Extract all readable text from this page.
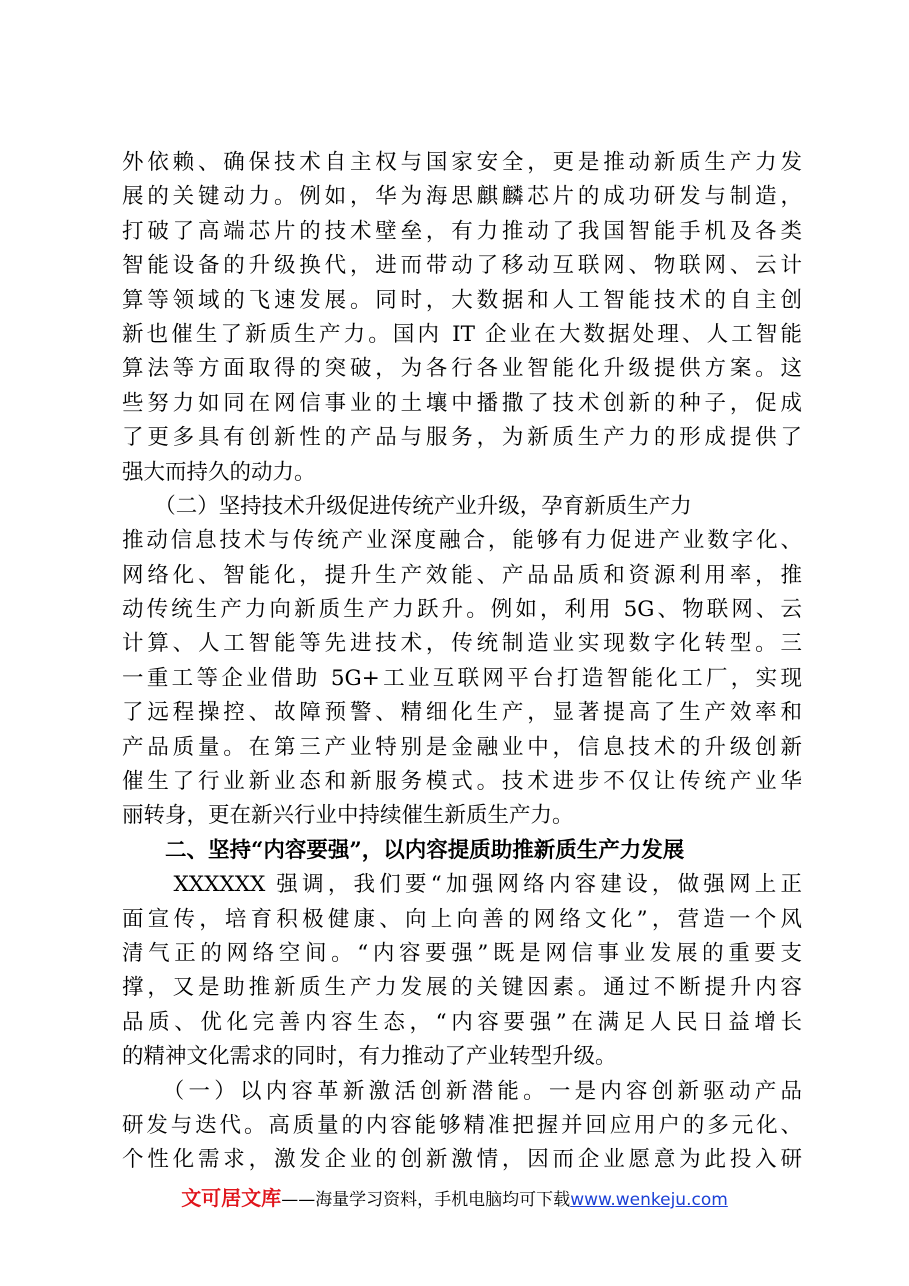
外依赖、确保技术自主权与国家安全，更是推动新质生产力发
展的关键动力。例如，华为海思麒麟芯片的成功研发与制造，
打破了高端芯片的技术壁垒，有力推动了我国智能手机及各类
智能设备的升级换代，进而带动了移动互联网、物联网、云计
算等领域的飞速发展。同时，大数据和人工智能技术的自主创
新也催生了新质生产力。国内 IT 企业在大数据处理、人工智能
算法等方面取得的突破，为各行各业智能化升级提供方案。这
些努力如同在网信事业的土壤中播撒了技术创新的种子，促成
了更多具有创新性的产品与服务，为新质生产力的形成提供了
强大而持久的动力。
　　（二）坚持技术升级促进传统产业升级，孕育新质生产力
推动信息技术与传统产业深度融合，能够有力促进产业数字化、
网络化、智能化，提升生产效能、产品品质和资源利用率，推
动传统生产力向新质生产力跃升。例如，利用 5G、物联网、云
计算、人工智能等先进技术，传统制造业实现数字化转型。三
一重工等企业借助 5G+工业互联网平台打造智能化工厂，实现
了远程操控、故障预警、精细化生产，显著提高了生产效率和
产品质量。在第三产业特别是金融业中，信息技术的升级创新
催生了行业新业态和新服务模式。技术进步不仅让传统产业华
丽转身，更在新兴行业中持续催生新质生产力。
二、坚持“内容要强”，以内容提质助推新质生产力发展
　　XXXXXX 强调，我们要“加强网络内容建设，做强网上正
面宣传，培育积极健康、向上向善的网络文化”，营造一个风
清气正的网络空间。“内容要强”既是网信事业发展的重要支
撑，又是助推新质生产力发展的关键因素。通过不断提升内容
品质、优化完善内容生态，“内容要强”在满足人民日益增长
的精神文化需求的同时，有力推动了产业转型升级。
　　（一）以内容革新激活创新潜能。一是内容创新驱动产品
研发与迭代。高质量的内容能够精准把握并回应用户的多元化、
个性化需求，激发企业的创新激情，因而企业愿意为此投入研
文可居文库——海量学习资料，手机电脑均可下载www.wenkeju.com
